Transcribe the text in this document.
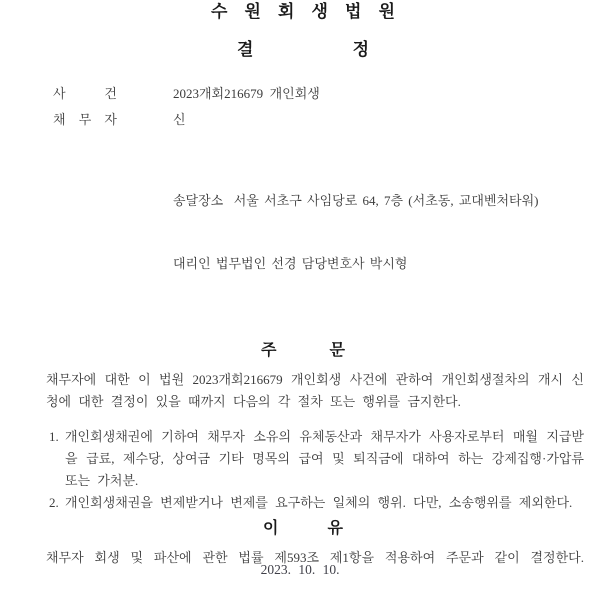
수 원 회 생 법 원
결 정
사 건	2023개회216679  개인회생
채 무 자	신

송달장소  서울 서초구 사임당로 64, 7층 (서초동, 교대벤처타워)

대리인 법무법인 선경 담당변호사 박시형

주 문

채무자에 대한 이 법원 2023개회216679 개인회생 사건에 관하여 개인회생절차의 개시 신청에 대한 결정이 있을 때까지 다음의 각 절차 또는 행위를 금지한다.

1. 개인회생채권에 기하여 채무자 소유의 유체동산과 채무자가 사용자로부터 매월 지급받을 급료, 제수당, 상여금 기타 명목의 급여 및 퇴직금에 대하여 하는 강제집행·가압류 또는 가처분.
2. 개인회생채권을 변제받거나 변제를 요구하는 일체의 행위. 다만, 소송행위를 제외한다.
이 유

채무자 회생 및 파산에 관한 법률 제593조 제1항을 적용하여 주문과 같이 결정한다.

2023. 10. 10.
